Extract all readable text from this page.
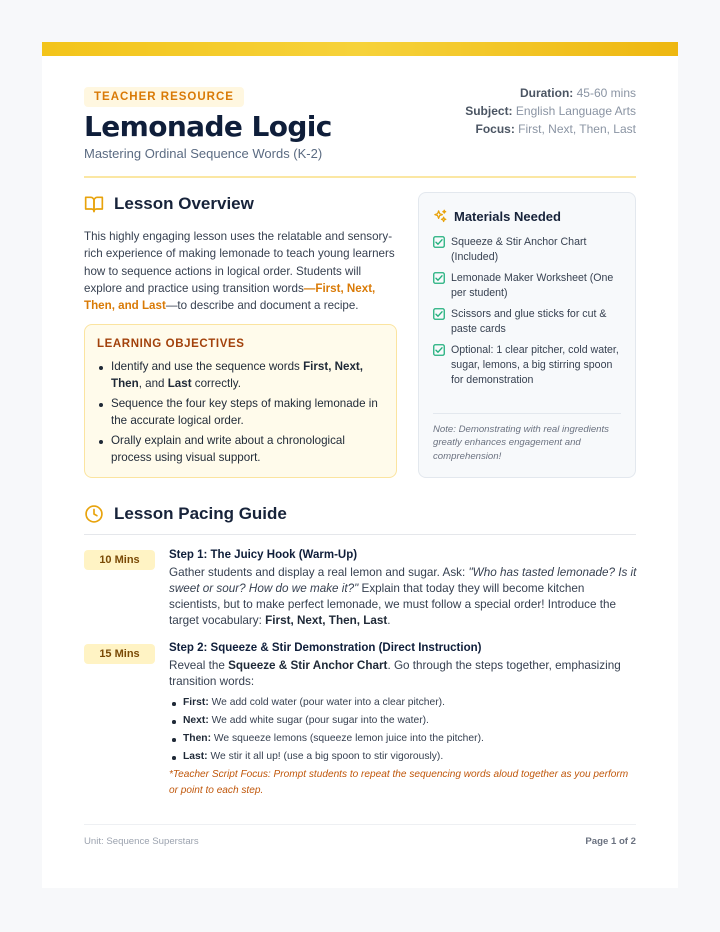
TEACHER RESOURCE
Lemonade Logic
Mastering Ordinal Sequence Words (K-2)
Duration: 45-60 mins
Subject: English Language Arts
Focus: First, Next, Then, Last
Lesson Overview
This highly engaging lesson uses the relatable and sensory-rich experience of making lemonade to teach young learners how to sequence actions in logical order. Students will explore and practice using transition words—First, Next, Then, and Last—to describe and document a recipe.
LEARNING OBJECTIVES
Identify and use the sequence words First, Next, Then, and Last correctly.
Sequence the four key steps of making lemonade in the accurate logical order.
Orally explain and write about a chronological process using visual support.
Materials Needed
Squeeze & Stir Anchor Chart (Included)
Lemonade Maker Worksheet (One per student)
Scissors and glue sticks for cut & paste cards
Optional: 1 clear pitcher, cold water, sugar, lemons, a big stirring spoon for demonstration
Note: Demonstrating with real ingredients greatly enhances engagement and comprehension!
Lesson Pacing Guide
10 Mins	Step 1: The Juicy Hook (Warm-Up)
Gather students and display a real lemon and sugar. Ask: "Who has tasted lemonade? Is it sweet or sour? How do we make it?" Explain that today they will become kitchen scientists, but to make perfect lemonade, we must follow a special order! Introduce the target vocabulary: First, Next, Then, Last.
15 Mins	Step 2: Squeeze & Stir Demonstration (Direct Instruction)
Reveal the Squeeze & Stir Anchor Chart. Go through the steps together, emphasizing transition words:
First: We add cold water (pour water into a clear pitcher).
Next: We add white sugar (pour sugar into the water).
Then: We squeeze lemons (squeeze lemon juice into the pitcher).
Last: We stir it all up! (use a big spoon to stir vigorously).
*Teacher Script Focus: Prompt students to repeat the sequencing words aloud together as you perform or point to each step.
Unit: Sequence Superstars	Page 1 of 2
